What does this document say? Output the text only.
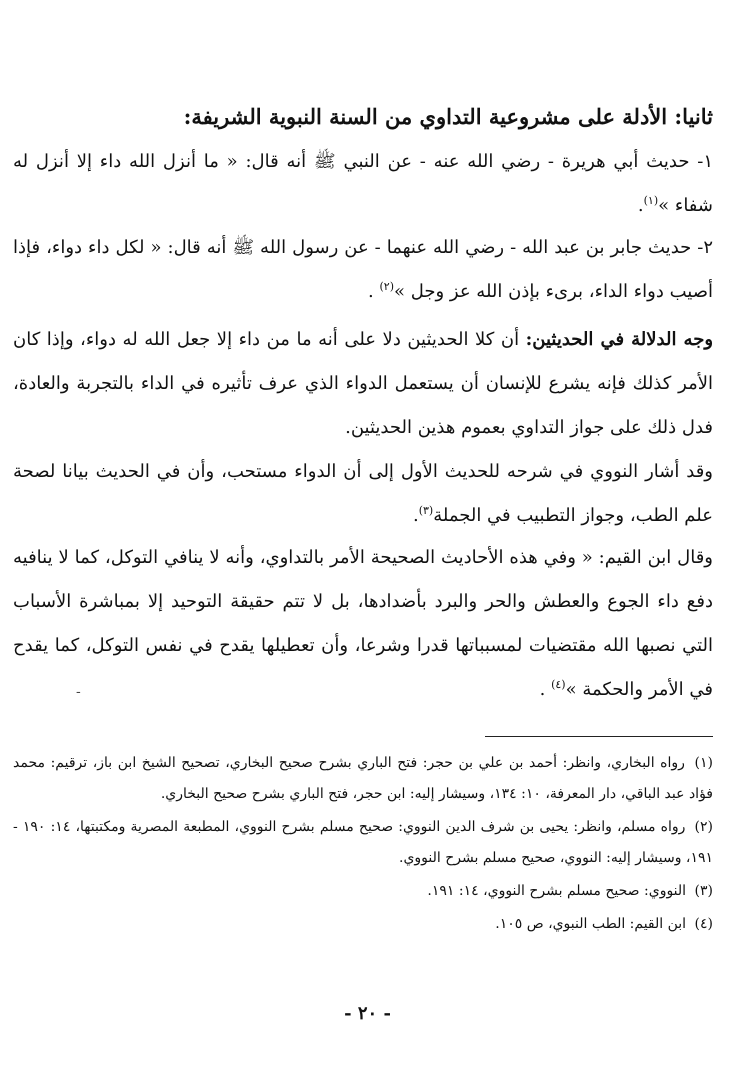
ثانيا: الأدلة على مشروعية التداوي من السنة النبوية الشريفة:

١- حديث أبي هريرة - رضي الله عنه - عن النبي ﷺ أنه قال: « ما أنزل الله داء إلا أنزل له شفاء »$^{(١)}$.

٢- حديث جابر بن عبد الله - رضي الله عنهما - عن رسول الله ﷺ أنه قال: « لكل داء دواء، فإذا أصيب دواء الداء، برىء بإذن الله عز وجل »$^{(٢)}$ .

وجه الدلالة في الحديثين: أن كلا الحديثين دلا على أنه ما من داء إلا جعل الله له دواء، وإذا كان الأمر كذلك فإنه يشرع للإنسان أن يستعمل الدواء الذي عرف تأثيره في الداء بالتجربة والعادة، فدل ذلك على جواز التداوي بعموم هذين الحديثين.

وقد أشار النووي في شرحه للحديث الأول إلى أن الدواء مستحب، وأن في الحديث بيانا لصحة علم الطب، وجواز التطبيب في الجملة$^{(٣)}$.

وقال ابن القيم: « وفي هذه الأحاديث الصحيحة الأمر بالتداوي، وأنه لا ينافي التوكل، كما لا ينافيه دفع داء الجوع والعطش والحر والبرد بأضدادها، بل لا تتم حقيقة التوحيد إلا بمباشرة الأسباب التي نصبها الله مقتضيات لمسبباتها قدرا وشرعا، وأن تعطيلها يقدح في نفس التوكل، كما يقدح في الأمر والحكمة »$^{(٤)}$ .

-

(١) رواه البخاري، وانظر: أحمد بن علي بن حجر: فتح الباري بشرح صحيح البخاري، تصحيح الشيخ ابن باز، ترقيم: محمد فؤاد عبد الباقي، دار المعرفة، ١٠: ١٣٤، وسيشار إليه: ابن حجر، فتح الباري بشرح صحيح البخاري.

(٢) رواه مسلم، وانظر: يحيى بن شرف الدين النووي: صحيح مسلم بشرح النووي، المطبعة المصرية ومكتبتها، ١٤: ١٩٠ - ١٩١، وسيشار إليه: النووي، صحيح مسلم بشرح النووي.

(٣) النووي: صحيح مسلم بشرح النووي، ١٤: ١٩١.

(٤) ابن القيم: الطب النبوي، ص ١٠٥.

- ٢٠ -
